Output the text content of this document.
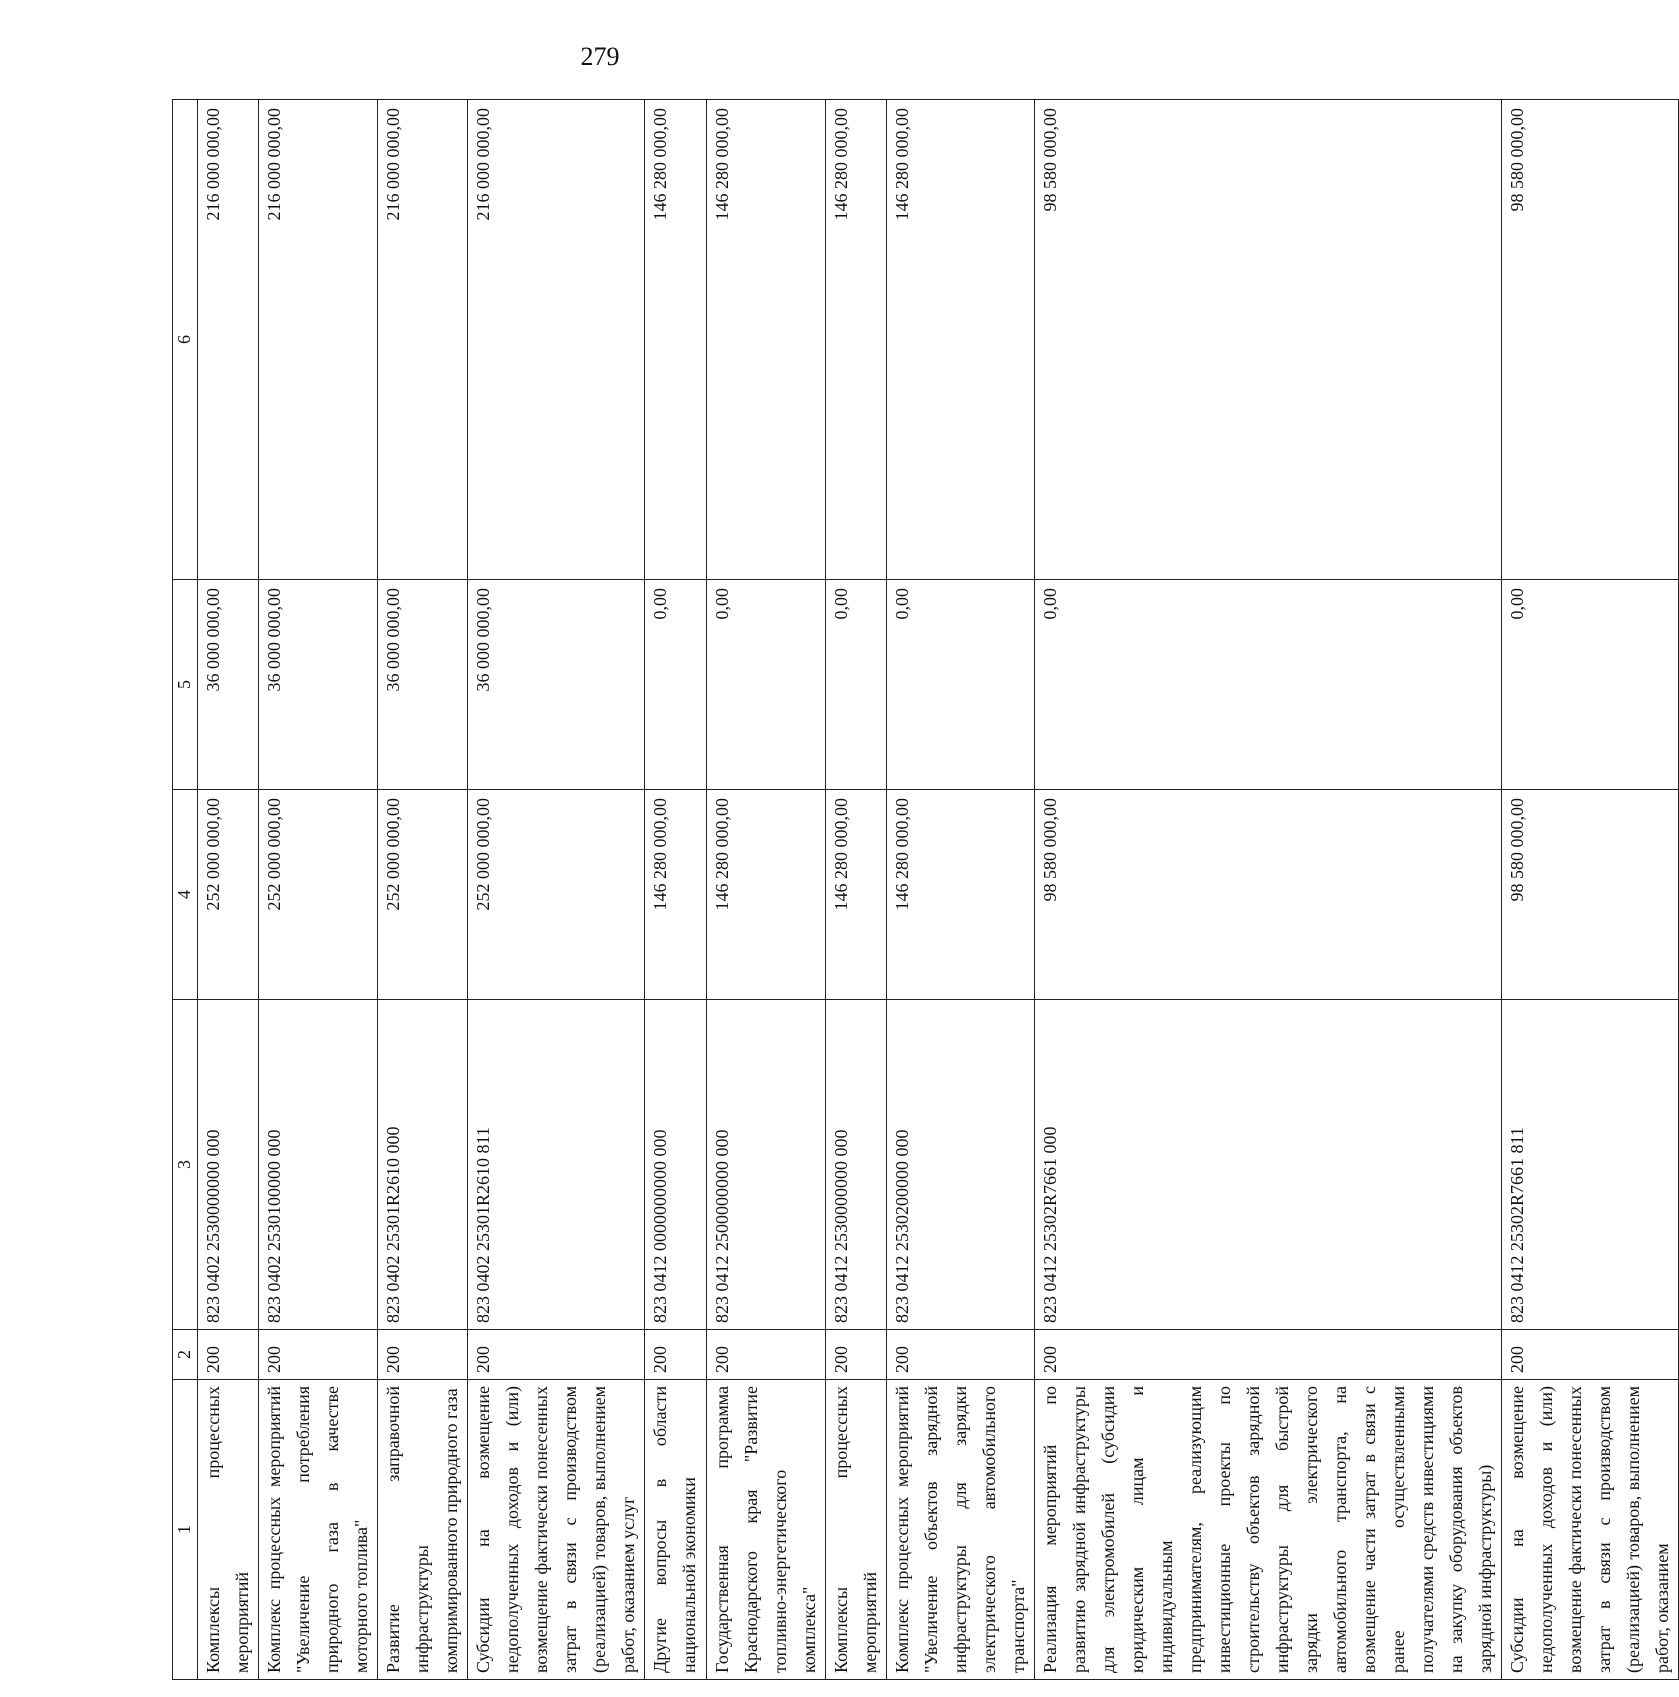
279
1	2	3	4	5	6
Комплексы процессных мероприятий	200	823 0402 2530000000 000	252 000 000,00	36 000 000,00	216 000 000,00
Комплекс процессных мероприятий "Увеличение потребления природного газа в качестве моторного топлива"	200	823 0402 2530100000 000	252 000 000,00	36 000 000,00	216 000 000,00
Развитие заправочной инфраструктуры компримированного природного газа	200	823 0402 25301R2610 000	252 000 000,00	36 000 000,00	216 000 000,00
Субсидии на возмещение недополученных доходов и (или) возмещение фактически понесенных затрат в связи с производством (реализацией) товаров, выполнением работ, оказанием услуг	200	823 0402 25301R2610 811	252 000 000,00	36 000 000,00	216 000 000,00
Другие вопросы в области национальной экономики	200	823 0412 0000000000 000	146 280 000,00	0,00	146 280 000,00
Государственная программа Краснодарского края "Развитие топливно-энергетического комплекса"	200	823 0412 2500000000 000	146 280 000,00	0,00	146 280 000,00
Комплексы процессных мероприятий	200	823 0412 2530000000 000	146 280 000,00	0,00	146 280 000,00
Комплекс процессных мероприятий "Увеличение объектов зарядной инфраструктуры для зарядки электрического автомобильного транспорта"	200	823 0412 2530200000 000	146 280 000,00	0,00	146 280 000,00
Реализация мероприятий по развитию зарядной инфраструктуры для электромобилей (субсидии юридическим лицам и индивидуальным предпринимателям, реализующим инвестиционные проекты по строительству объектов зарядной инфраструктуры для быстрой зарядки электрического автомобильного транспорта, на возмещение части затрат в связи с ранее осуществленными получателями средств инвестициями на закупку оборудования объектов зарядной инфраструктуры)	200	823 0412 25302R7661 000	98 580 000,00	0,00	98 580 000,00
Субсидии на возмещение недополученных доходов и (или) возмещение фактически понесенных затрат в связи с производством (реализацией) товаров, выполнением работ, оказанием	200	823 0412 25302R7661 811	98 580 000,00	0,00	98 580 000,00
